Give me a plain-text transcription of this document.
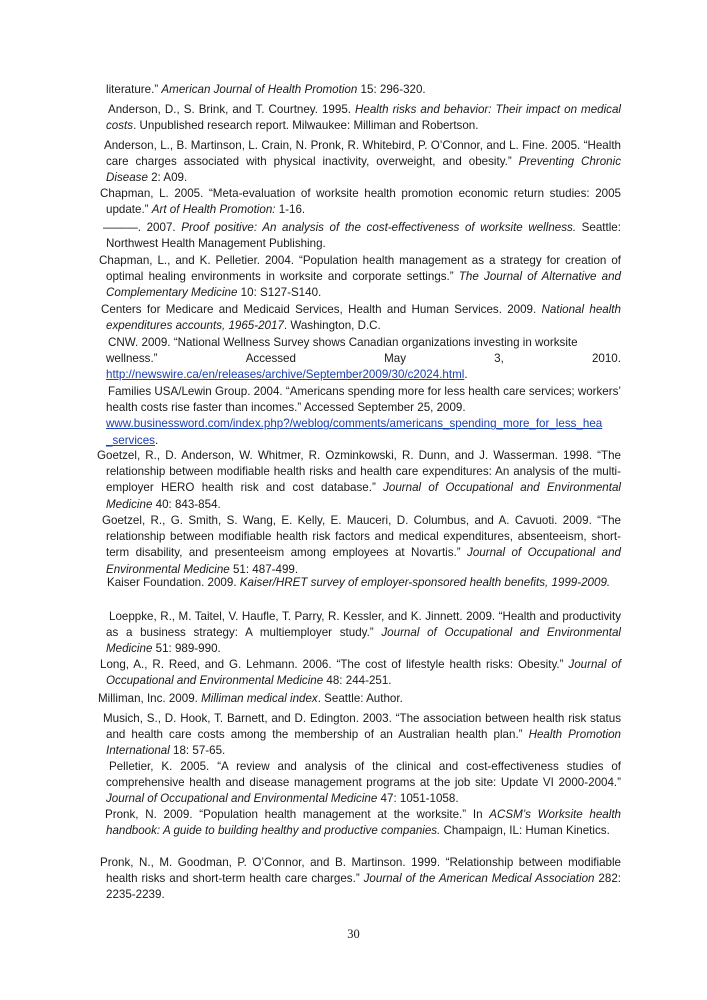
literature.” American Journal of Health Promotion 15: 296-320.

Anderson, D., S. Brink, and T. Courtney. 1995. Health risks and behavior: Their impact on medical costs. Unpublished research report. Milwaukee: Milliman and Robertson.

Anderson, L., B. Martinson, L. Crain, N. Pronk, R. Whitebird, P. O’Connor, and L. Fine. 2005. “Health care charges associated with physical inactivity, overweight, and obesity.” Preventing Chronic Disease 2: A09.

Chapman, L. 2005. “Meta-evaluation of worksite health promotion economic return studies: 2005 update.” Art of Health Promotion: 1-16.

———. 2007. Proof positive: An analysis of the cost-effectiveness of worksite wellness. Seattle: Northwest Health Management Publishing.

Chapman, L., and K. Pelletier. 2004. “Population health management as a strategy for creation of optimal healing environments in worksite and corporate settings.” The Journal of Alternative and Complementary Medicine 10: S127-S140.

Centers for Medicare and Medicaid Services, Health and Human Services. 2009. National health expenditures accounts, 1965-2017. Washington, D.C.

CNW. 2009. “National Wellness Survey shows Canadian organizations investing in worksite
wellness.”	Accessed	May	3,	2010.
http://newswire.ca/en/releases/archive/September2009/30/c2024.html.
Families USA/Lewin Group. 2004. “Americans spending more for less health care services; workers’ health costs rise faster than incomes.” Accessed September 25, 2009.
www.businessword.com/index.php?/weblog/comments/americans_spending_more_for_less_hea
_services.

Goetzel, R., D. Anderson, W. Whitmer, R. Ozminkowski, R. Dunn, and J. Wasserman. 1998. “The relationship between modifiable health risks and health care expenditures: An analysis of the multi-employer HERO health risk and cost database.” Journal of Occupational and Environmental Medicine 40: 843-854.

Goetzel, R., G. Smith, S. Wang, E. Kelly, E. Mauceri, D. Columbus, and A. Cavuoti. 2009. “The relationship between modifiable health risk factors and medical expenditures, absenteeism, short-term disability, and presenteeism among employees at Novartis.” Journal of Occupational and Environmental Medicine 51: 487-499.

Kaiser Foundation. 2009. Kaiser/HRET survey of employer-sponsored health benefits, 1999-2009.

Loeppke, R., M. Taitel, V. Haufle, T. Parry, R. Kessler, and K. Jinnett. 2009. “Health and productivity as a business strategy: A multiemployer study.” Journal of Occupational and Environmental Medicine 51: 989-990.

Long, A., R. Reed, and G. Lehmann. 2006. “The cost of lifestyle health risks: Obesity.” Journal of Occupational and Environmental Medicine 48: 244-251.

Milliman, Inc. 2009. Milliman medical index. Seattle: Author.

Musich, S., D. Hook, T. Barnett, and D. Edington. 2003. “The association between health risk status and health care costs among the membership of an Australian health plan.” Health Promotion International 18: 57-65.

Pelletier, K. 2005. “A review and analysis of the clinical and cost-effectiveness studies of comprehensive health and disease management programs at the job site: Update VI 2000-2004.” Journal of Occupational and Environmental Medicine 47: 1051-1058.

Pronk, N. 2009. “Population health management at the worksite.” In ACSM’s Worksite health handbook: A guide to building healthy and productive companies. Champaign, IL: Human Kinetics.

Pronk, N., M. Goodman, P. O’Connor, and B. Martinson. 1999. “Relationship between modifiable health risks and short-term health care charges.” Journal of the American Medical Association 282: 2235-2239.

30
